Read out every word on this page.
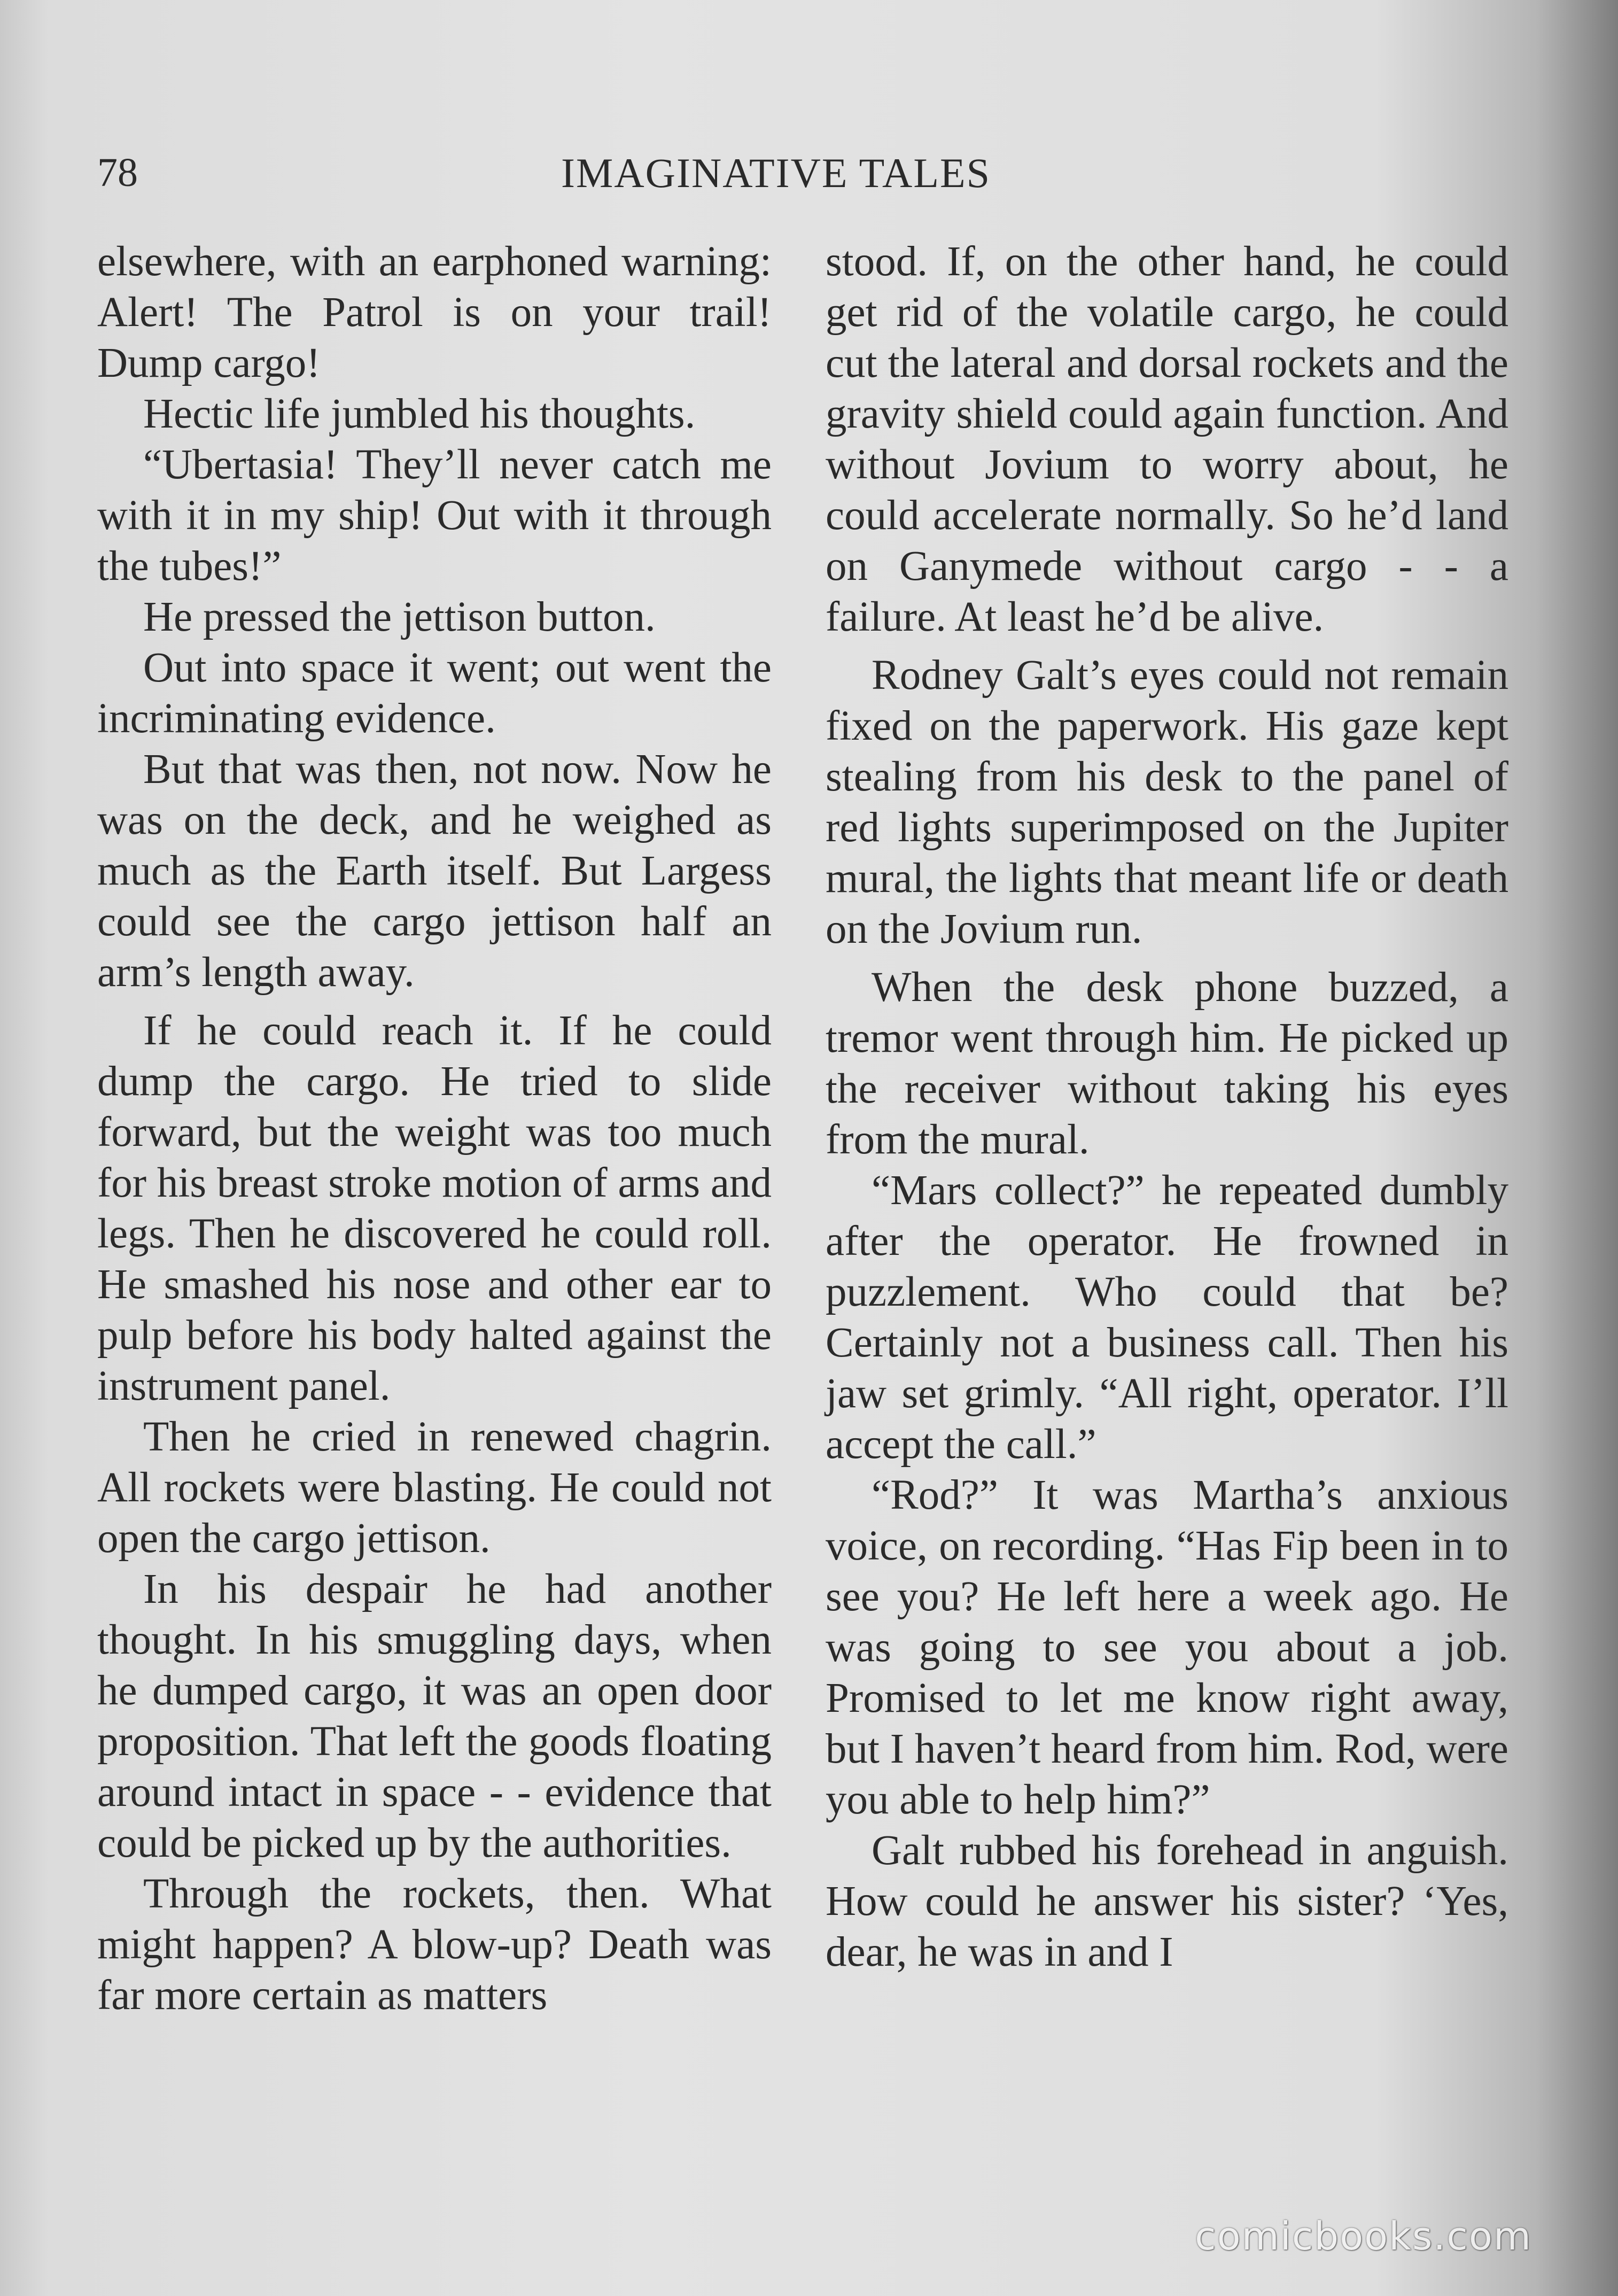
78	IMAGINATIVE TALES

elsewhere, with an earphoned warning: Alert! The Patrol is on your trail! Dump cargo!

Hectic life jumbled his thoughts.

“Ubertasia! They’ll never catch me with it in my ship! Out with it through the tubes!”

He pressed the jettison button.

Out into space it went; out went the incriminating evidence.

But that was then, not now. Now he was on the deck, and he weighed as much as the Earth itself. But Largess could see the cargo jettison half an arm’s length away.

If he could reach it. If he could dump the cargo. He tried to slide forward, but the weight was too much for his breast stroke motion of arms and legs. Then he discovered he could roll. He smashed his nose and other ear to pulp before his body halted against the instrument panel.

Then he cried in renewed chagrin. All rockets were blasting. He could not open the cargo jettison.

In his despair he had another thought. In his smuggling days, when he dumped cargo, it was an open door proposition. That left the goods floating around intact in space - - evidence that could be picked up by the authorities.

Through the rockets, then. What might happen? A blow-up? Death was far more certain as matters

stood. If, on the other hand, he could get rid of the volatile cargo, he could cut the lateral and dorsal rockets and the gravity shield could again function. And without Jovium to worry about, he could accelerate normally. So he’d land on Ganymede without cargo - - a failure. At least he’d be alive.

Rodney Galt’s eyes could not remain fixed on the paperwork. His gaze kept stealing from his desk to the panel of red lights superimposed on the Jupiter mural, the lights that meant life or death on the Jovium run.

When the desk phone buzzed, a tremor went through him. He picked up the receiver without taking his eyes from the mural.

“Mars collect?” he repeated dumbly after the operator. He frowned in puzzlement. Who could that be? Certainly not a business call. Then his jaw set grimly. “All right, operator. I’ll accept the call.”

“Rod?” It was Martha’s anxious voice, on recording. “Has Fip been in to see you? He left here a week ago. He was going to see you about a job. Promised to let me know right away, but I haven’t heard from him. Rod, were you able to help him?”

Galt rubbed his forehead in anguish. How could he answer his sister? ‘Yes, dear, he was in and I

comicbooks.com
